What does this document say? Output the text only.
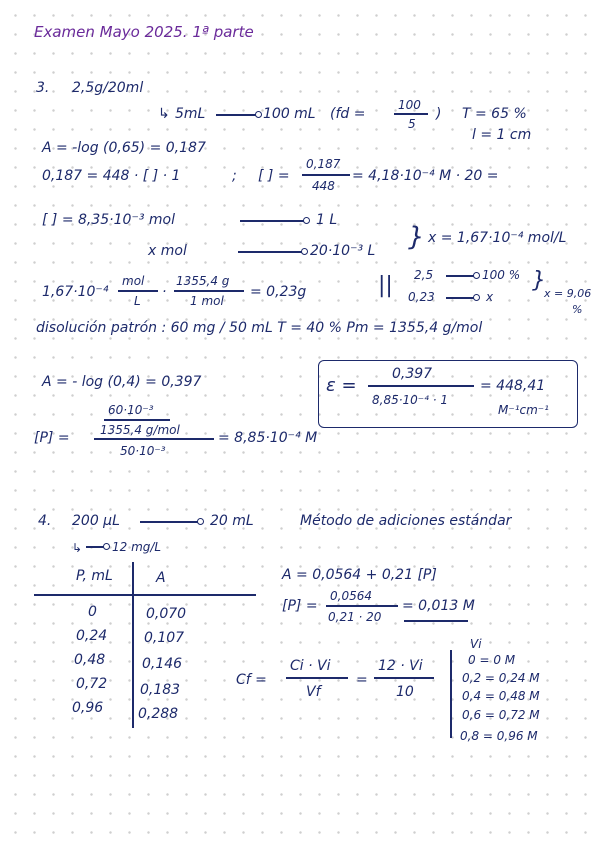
Examen Mayo 2025. 1ª parte
3. 2,5g/20ml
↳ 5mL	100 mL (fd =
100
5
) T = 65 %
l = 1 cm
A = -log (0,65) = 0,187
0,187 = 448 · [ ] · 1	; [ ] =
0,187
448
= 4,18·10⁻⁴ M · 20 =
[ ] = 8,35·10⁻³ mol	1 L
x mol	20·10⁻³ L } x = 1,67·10⁻⁴ mol/L
1,67·10⁻⁴
mol
L
·
1355,4 g
1 mol
= 0,23g	|| 2,5	100 %
0,23	x
}
x = 9,06
%
disolución patrón : 60 mg / 50 mL T = 40 % Pm = 1355,4 g/mol
A = - log (0,4) = 0,397	ε =
0,397
8,85·10⁻⁴ · 1
= 448,41
M⁻¹cm⁻¹
[P] =
60·10⁻³
1355,4 g/mol
50·10⁻³
= 8,85·10⁻⁴ M
4. 200 μL	20 mL	Método de adiciones estándar
↳ 12 mg/L
P, mL	A
0	0,070
0,24	0,107
0,48	0,146
0,72 0,183
0,96 0,288
A = 0,0564 + 0,21 [P]
[P] =
0,0564
0,21 · 20
= 0,013 M
Cf =
Ci · Vi
Vf
=
12 · Vi
10
Vi
0 = 0 M
0,2 = 0,24 M
0,4 = 0,48 M
0,6 = 0,72 M
0,8 = 0,96 M
